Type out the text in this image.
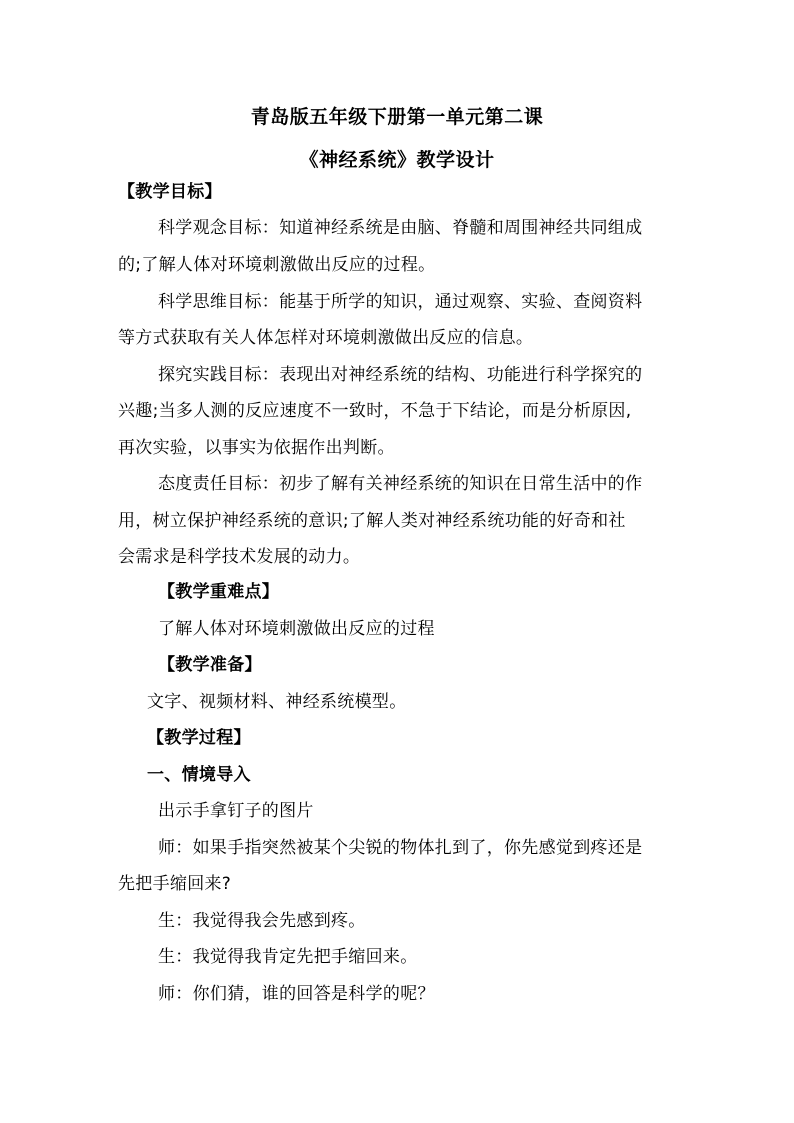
青岛版五年级下册第一单元第二课
《神经系统》教学设计
【教学目标】
科学观念目标：知道神经系统是由脑、脊髓和周围神经共同组成
的;了解人体对环境刺激做出反应的过程。
科学思维目标：能基于所学的知识，通过观察、实验、查阅资料
等方式获取有关人体怎样对环境刺激做出反应的信息。
探究实践目标：表现出对神经系统的结构、功能进行科学探究的
兴趣;当多人测的反应速度不一致时，不急于下结论，而是分析原因,
再次实验，以事实为依据作出判断。
态度责任目标：初步了解有关神经系统的知识在日常生活中的作
用，树立保护神经系统的意识;了解人类对神经系统功能的好奇和社
会需求是科学技术发展的动力。
【教学重难点】
了解人体对环境刺激做出反应的过程
【教学准备】
文字、视频材料、神经系统模型。
【教学过程】
一、情境导入
出示手拿钉子的图片
师：如果手指突然被某个尖锐的物体扎到了，你先感觉到疼还是
先把手缩回来?
生：我觉得我会先感到疼。
生：我觉得我肯定先把手缩回来。
师：你们猜，谁的回答是科学的呢？
